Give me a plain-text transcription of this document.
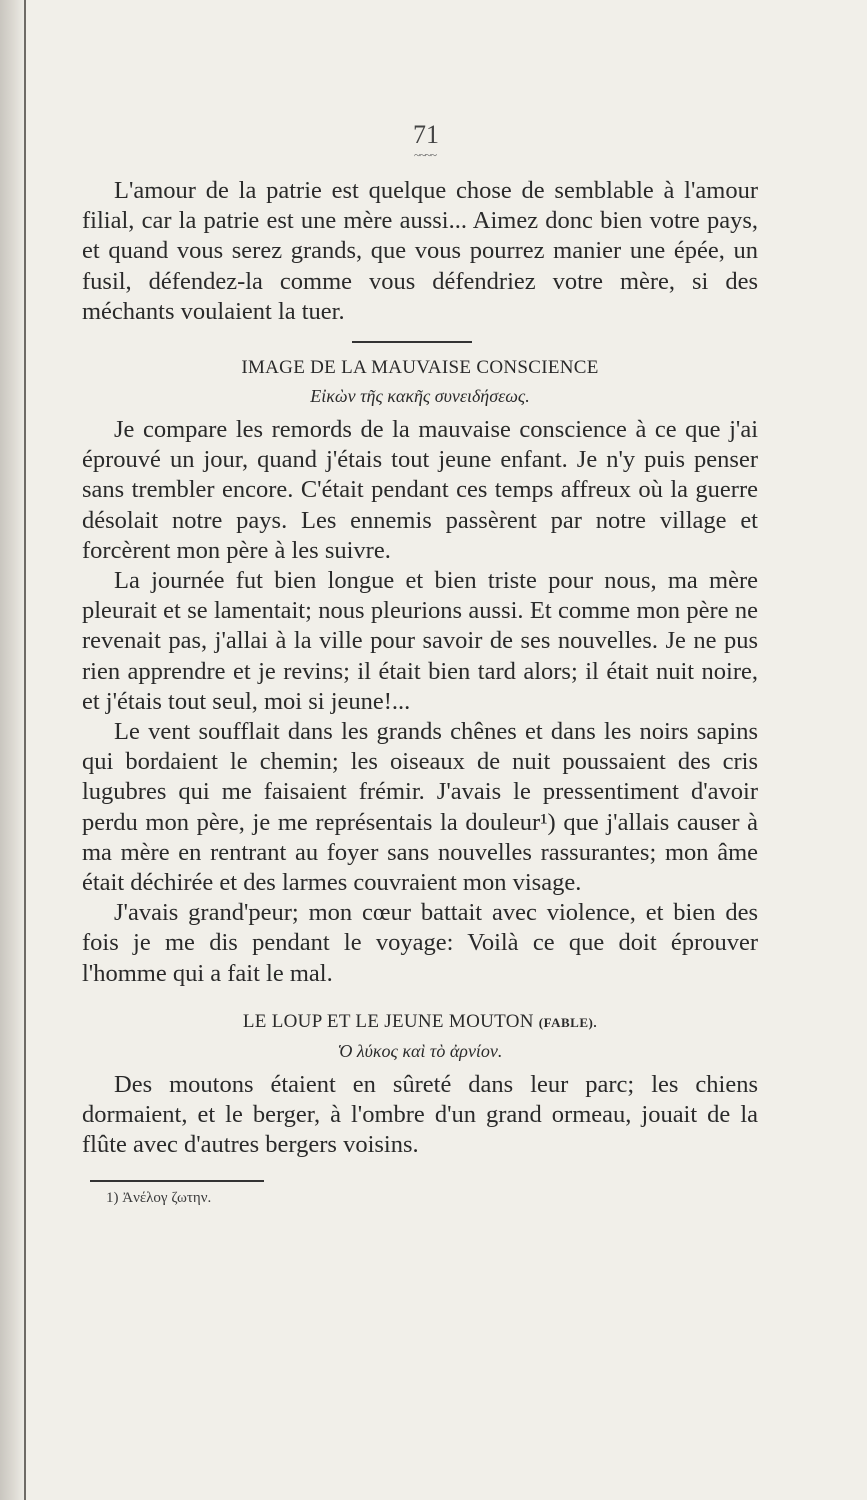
71
~~~~

L'amour de la patrie est quelque chose de semblable à l'amour filial, car la patrie est une mère aussi... Aimez donc bien votre pays, et quand vous serez grands, que vous pourrez manier une épée, un fusil, défendez-la comme vous défendriez votre mère, si des méchants voulaient la tuer.

IMAGE DE LA MAUVAISE CONSCIENCE
Εἰκὼν τῆς κακῆς συνειδήσεως.

Je compare les remords de la mauvaise conscience à ce que j'ai éprouvé un jour, quand j'étais tout jeune enfant. Je n'y puis penser sans trembler encore. C'était pendant ces temps affreux où la guerre désolait notre pays. Les ennemis passèrent par notre village et forcèrent mon père à les suivre.

La journée fut bien longue et bien triste pour nous, ma mère pleurait et se lamentait; nous pleurions aussi. Et comme mon père ne revenait pas, j'allai à la ville pour savoir de ses nouvelles. Je ne pus rien apprendre et je revins; il était bien tard alors; il était nuit noire, et j'étais tout seul, moi si jeune!...

Le vent soufflait dans les grands chênes et dans les noirs sapins qui bordaient le chemin; les oiseaux de nuit poussaient des cris lugubres qui me faisaient frémir. J'avais le pressentiment d'avoir perdu mon père, je me représentais la douleur¹) que j'allais causer à ma mère en rentrant au foyer sans nouvelles rassurantes; mon âme était déchirée et des larmes couvraient mon visage.

J'avais grand'peur; mon cœur battait avec violence, et bien des fois je me dis pendant le voyage: Voilà ce que doit éprouver l'homme qui a fait le mal.

LE LOUP ET LE JEUNE MOUTON (FABLE).
Ὁ λύκος καὶ τὸ ἀρνίον.

Des moutons étaient en sûreté dans leur parc; les chiens dormaient, et le berger, à l'ombre d'un grand ormeau, jouait de la flûte avec d'autres bergers voisins.

1) Ἀνέλογ ζωτην.
